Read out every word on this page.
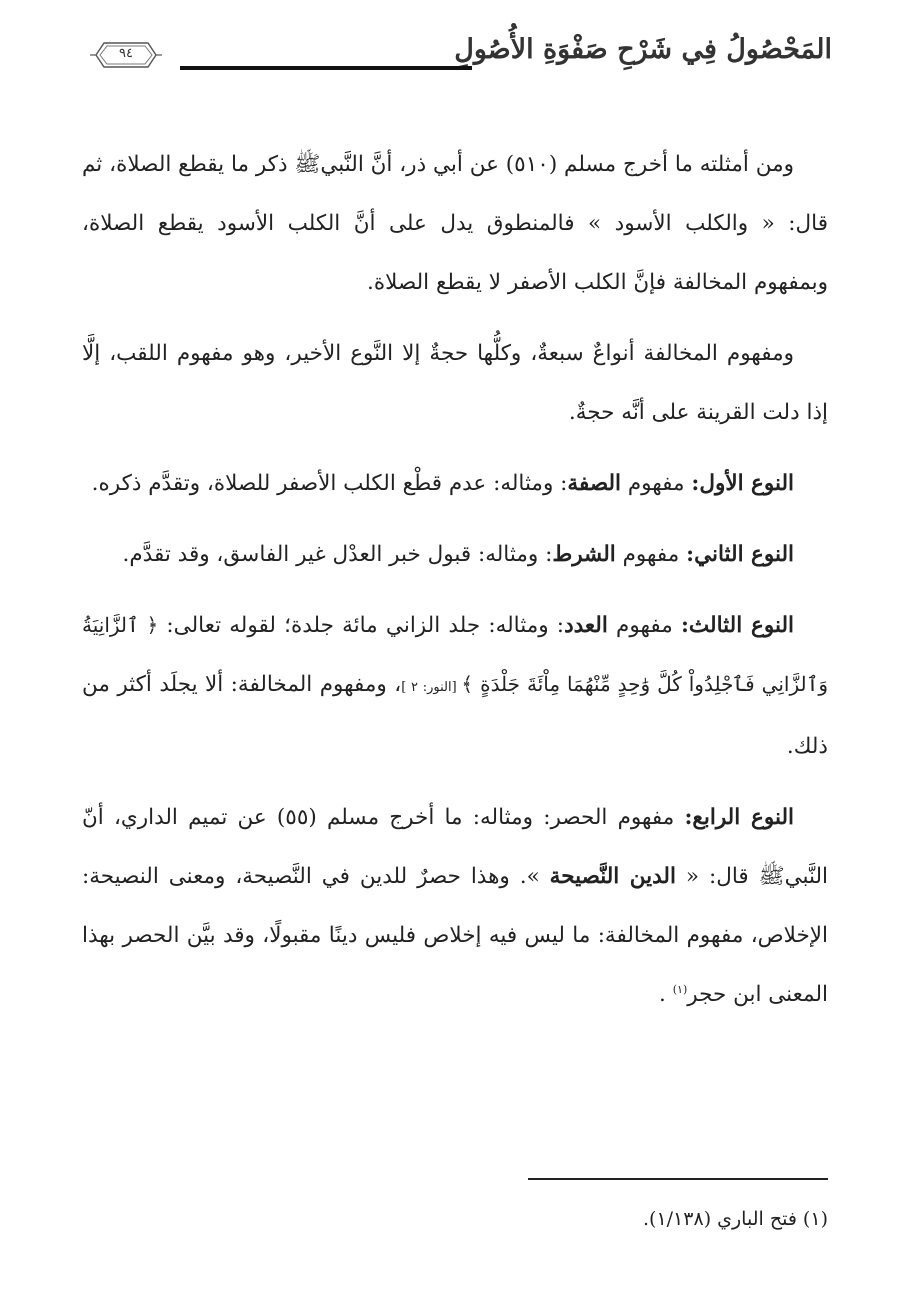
المَحْصُولُ فِي شَرْحِ صَفْوَةِ الأُصُولِ
٩٤

ومن أمثلته ما أخرج مسلم (٥١٠) عن أبي ذر، أنَّ النَّبيﷺ ذكر ما يقطع الصلاة، ثم قال: « والكلب الأسود » فالمنطوق يدل على أنَّ الكلب الأسود يقطع الصلاة، وبمفهوم المخالفة فإنَّ الكلب الأصفر لا يقطع الصلاة.

ومفهوم المخالفة أنواعٌ سبعةٌ، وكلُّها حجةٌ إلا النَّوع الأخير، وهو مفهوم اللقب، إلَّا إذا دلت القرينة على أنَّه حجةٌ.

النوع الأول: مفهوم الصفة: ومثاله: عدم قطْع الكلب الأصفر للصلاة، وتقدَّم ذكره.

النوع الثاني: مفهوم الشرط: ومثاله: قبول خبر العدْل غير الفاسق، وقد تقدَّم.

النوع الثالث: مفهوم العدد: ومثاله: جلد الزاني مائة جلدة؛ لقوله تعالى: ﴿ ٱلزَّانِيَةُ وَٱلزَّانِي فَٱجْلِدُواْ كُلَّ وَٰحِدٍ مِّنْهُمَا مِاْئَةَ جَلْدَةٍ ﴾ [النور: ٢ ]، ومفهوم المخالفة: ألا يجلَد أكثر من ذلك.

النوع الرابع: مفهوم الحصر: ومثاله: ما أخرج مسلم (٥٥) عن تميم الداري، أنّ النَّبيﷺ قال: « الدين النَّصيحة ». وهذا حصرٌ للدين في النَّصيحة، ومعنى النصيحة: الإخلاص، مفهوم المخالفة: ما ليس فيه إخلاص فليس دينًا مقبولًا، وقد بيَّن الحصر بهذا المعنى ابن حجر$^{(١)}$ .

(١) فتح الباري (١/١٣٨).
